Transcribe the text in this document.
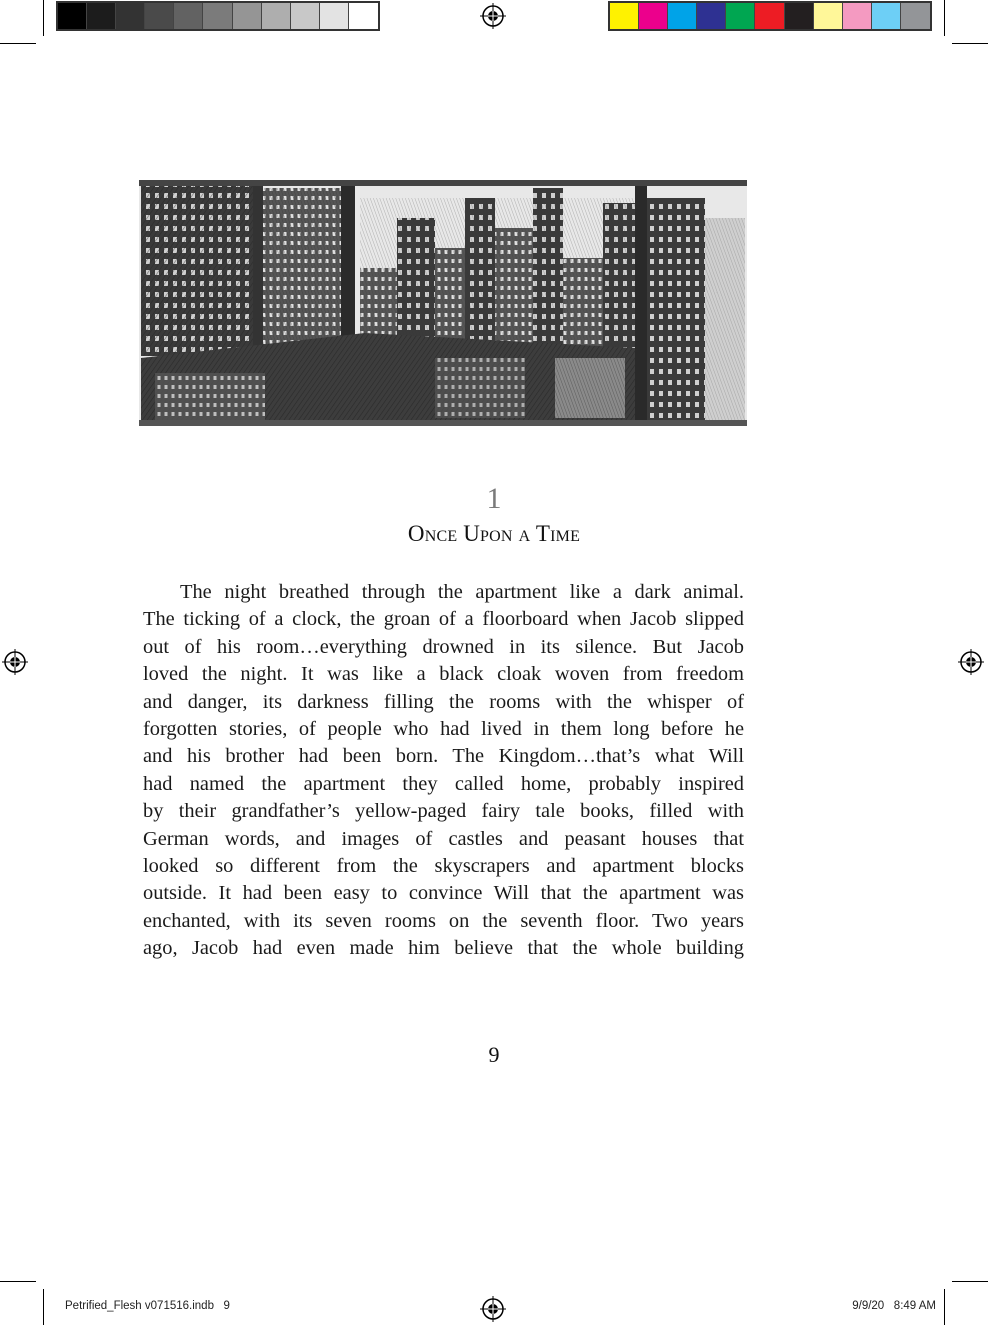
1
Once Upon a Time
The night breathed through the apartment like a dark animal.
The ticking of a clock, the groan of a floorboard when Jacob slipped
out of his room…everything drowned in its silence. But Jacob
loved the night. It was like a black cloak woven from freedom
and danger, its darkness filling the rooms with the whisper of
forgotten stories, of people who had lived in them long before he
and his brother had been born. The Kingdom…that’s what Will
had named the apartment they called home, probably inspired
by their grandfather’s yellow-paged fairy tale books, filled with
German words, and images of castles and peasant houses that
looked so different from the skyscrapers and apartment blocks
outside. It had been easy to convince Will that the apartment was
enchanted, with its seven rooms on the seventh floor. Two years
ago, Jacob had even made him believe that the whole building
9
Petrified_Flesh v071516.indb   9	9/9/20   8:49 AM
